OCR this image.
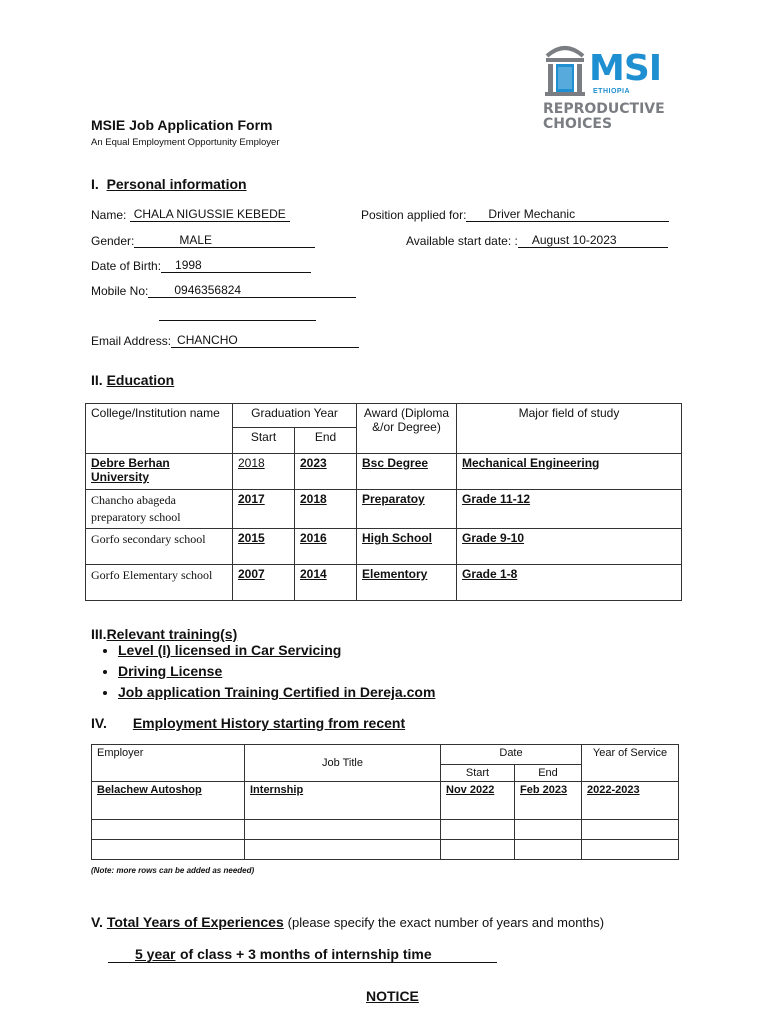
MSI
ETHIOPIA
REPRODUCTIVE
CHOICES
MSIE Job Application Form
An Equal Employment Opportunity Employer
I. Personal information
Name: CHALA NIGUSSIE KEBEDE	Position applied for: Driver Mechanic
Gender:	MALE	Available start date: : August 10-2023
Date of Birth: 1998
Mobile No: 0946356824
Email Address: CHANCHO
II. Education
College/Institution name	Graduation Year		Award (Diploma &/or Degree)	Major field of study
	Start	End		
Debre Berhan University	2018	2023	Bsc Degree	Mechanical Engineering
Chancho abageda preparatory school	2017	2018	Preparatoy	Grade 11-12
Gorfo secondary school	2015	2016	High School	Grade 9-10
Gorfo Elementary school	2007	2014	Elementory	Grade 1-8
III.Relevant training(s)
• Level (I) licensed in Car Servicing
• Driving License
• Job application Training Certified in Dereja.com
IV. Employment History starting from recent
Employer	Job Title	Date		Year of Service
		Start	End	
Belachew Autoshop	Internship	Nov 2022	Feb 2023	2022-2023

(Note: more rows can be added as needed)
V. Total Years of Experiences (please specify the exact number of years and months)
5 year of class + 3 months of internship time
NOTICE
